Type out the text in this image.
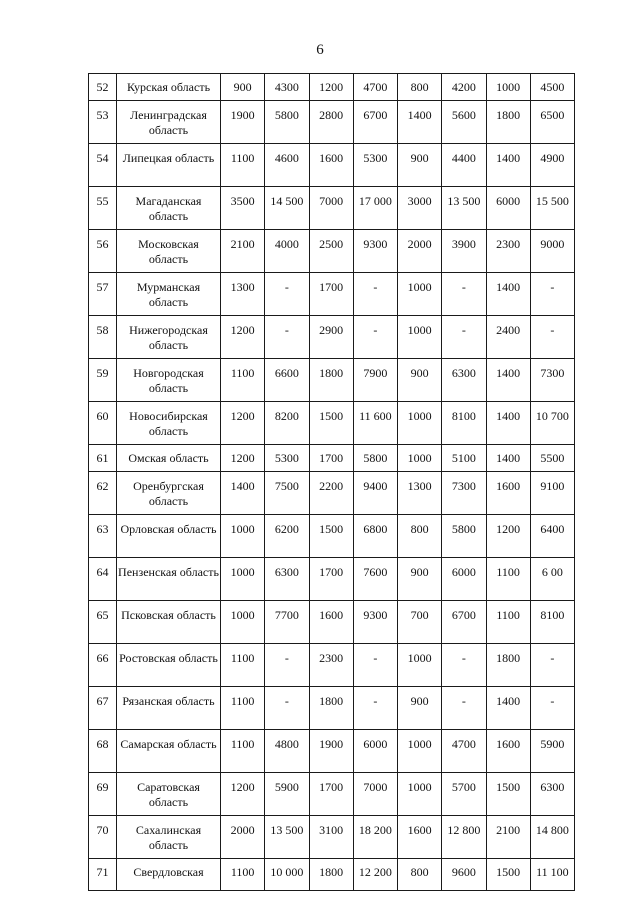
6
52	Курская область	900	4300	1200	4700	800	4200	1000	4500
53	Ленинградская область	1900	5800	2800	6700	1400	5600	1800	6500
54	Липецкая область	1100	4600	1600	5300	900	4400	1400	4900
55	Магаданская область	3500	14 500	7000	17 000	3000	13 500	6000	15 500
56	Московская область	2100	4000	2500	9300	2000	3900	2300	9000
57	Мурманская область	1300	-	1700	-	1000	-	1400	-
58	Нижегородская область	1200	-	2900	-	1000	-	2400	-
59	Новгородская область	1100	6600	1800	7900	900	6300	1400	7300
60	Новосибирская область	1200	8200	1500	11 600	1000	8100	1400	10 700
61	Омская область	1200	5300	1700	5800	1000	5100	1400	5500
62	Оренбургская область	1400	7500	2200	9400	1300	7300	1600	9100
63	Орловская область	1000	6200	1500	6800	800	5800	1200	6400
64	Пензенская область	1000	6300	1700	7600	900	6000	1100	6 00
65	Псковская область	1000	7700	1600	9300	700	6700	1100	8100
66	Ростовская область	1100	-	2300	-	1000	-	1800	-
67	Рязанская область	1100	-	1800	-	900	-	1400	-
68	Самарская область	1100	4800	1900	6000	1000	4700	1600	5900
69	Саратовская область	1200	5900	1700	7000	1000	5700	1500	6300
70	Сахалинская область	2000	13 500	3100	18 200	1600	12 800	2100	14 800
71	Свердловская	1100	10 000	1800	12 200	800	9600	1500	11 100
